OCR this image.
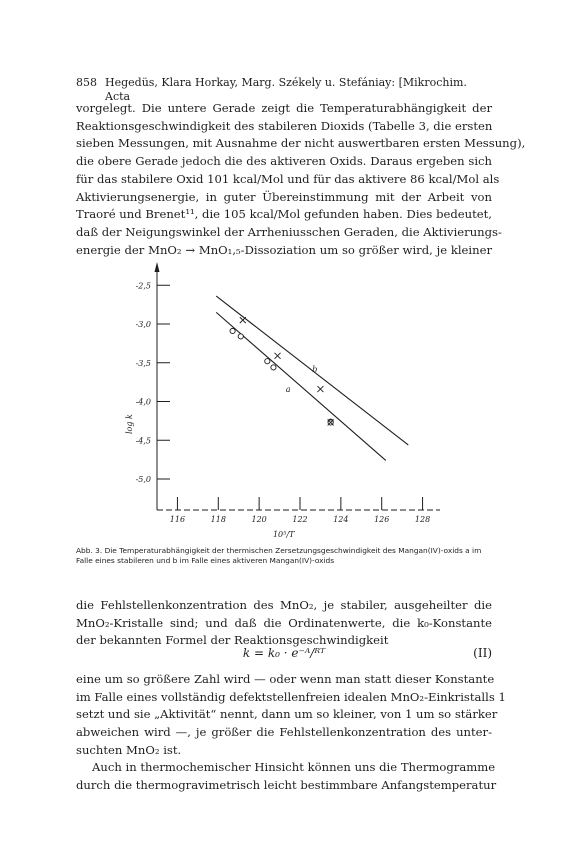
858 Hegedüs, Klara Horkay, Marg. Székely u. Stefániay: [Mikrochim. Acta
vorgelegt. Die untere Gerade zeigt die Temperaturabhängigkeit der
Reaktionsgeschwindigkeit des stabileren Dioxids (Tabelle 3, die ersten
sieben Messungen, mit Ausnahme der nicht auswertbaren ersten Messung),
die obere Gerade jedoch die des aktiveren Oxids. Daraus ergeben sich
für das stabilere Oxid 101 kcal/Mol und für das aktivere 86 kcal/Mol als
Aktivierungsenergie, in guter Übereinstimmung mit der Arbeit von
Traoré und Brenet¹¹, die 105 kcal/Mol gefunden haben. Dies bedeutet,
daß der Neigungswinkel der Arrheniusschen Geraden, die Aktivierungs-
energie der MnO₂ → MnO₁,₅-Dissoziation um so größer wird, je kleiner
-2,5
-3,0
-3,5
-4,0
-4,5
-5,0
116	118	120	122	124	126	128
a
b
log k
10⁵/T
Abb. 3. Die Temperaturabhängigkeit der thermischen Zersetzungsgeschwindigkeit des Mangan(IV)-oxids a im Falle eines stabileren und b im Falle eines aktiveren Mangan(IV)-oxids
die Fehlstellenkonzentration des MnO₂, je stabiler, ausgeheilter die
MnO₂-Kristalle sind; und daß die Ordinatenwerte, die k₀-Konstante
der bekannten Formel der Reaktionsgeschwindigkeit
k = k₀ · e⁻ᴬ/ᴿᵀ	(II)
eine um so größere Zahl wird — oder wenn man statt dieser Konstante
im Falle eines vollständig defektstellenfreien idealen MnO₂-Einkristalls 1
setzt und sie „Aktivität“ nennt, dann um so kleiner, von 1 um so stärker
abweichen wird —, je größer die Fehlstellenkonzentration des unter-
suchten MnO₂ ist.
Auch in thermochemischer Hinsicht können uns die Thermogramme
durch die thermogravimetrisch leicht bestimmbare Anfangstemperatur
